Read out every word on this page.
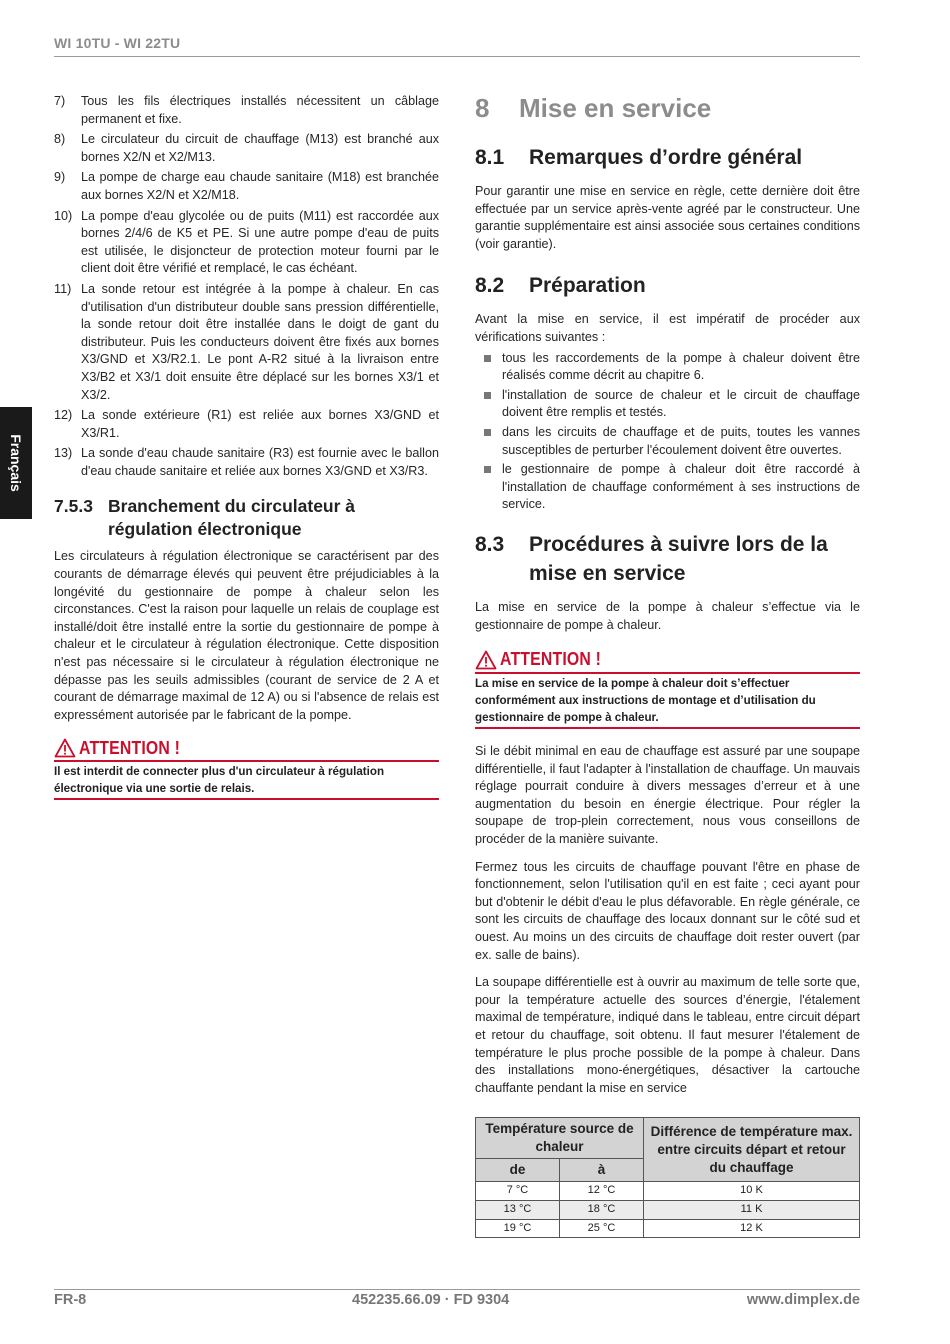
WI 10TU - WI 22TU
Français
7) Tous les fils électriques installés nécessitent un câblage permanent et fixe.
8) Le circulateur du circuit de chauffage (M13) est branché aux bornes X2/N et X2/M13.
9) La pompe de charge eau chaude sanitaire (M18) est branchée aux bornes X2/N et X2/M18.
10) La pompe d'eau glycolée ou de puits (M11) est raccordée aux bornes 2/4/6 de K5 et PE. Si une autre pompe d'eau de puits est utilisée, le disjoncteur de protection moteur fourni par le client doit être vérifié et remplacé, le cas échéant.
11) La sonde retour est intégrée à la pompe à chaleur. En cas d'utilisation d'un distributeur double sans pression différentielle, la sonde retour doit être installée dans le doigt de gant du distributeur. Puis les conducteurs doivent être fixés aux bornes X3/GND et X3/R2.1. Le pont A-R2 situé à la livraison entre X3/B2 et X3/1 doit ensuite être déplacé sur les bornes X3/1 et X3/2.
12) La sonde extérieure (R1) est reliée aux bornes X3/GND et X3/R1.
13) La sonde d'eau chaude sanitaire (R3) est fournie avec le ballon d'eau chaude sanitaire et reliée aux bornes X3/GND et X3/R3.
7.5.3 Branchement du circulateur à régulation électronique

Les circulateurs à régulation électronique se caractérisent par des courants de démarrage élevés qui peuvent être préjudiciables à la longévité du gestionnaire de pompe à chaleur selon les circonstances. C'est la raison pour laquelle un relais de couplage est installé/doit être installé entre la sortie du gestionnaire de pompe à chaleur et le circulateur à régulation électronique. Cette disposition n'est pas nécessaire si le circulateur à régulation électronique ne dépasse pas les seuils admissibles (courant de service de 2 A et courant de démarrage maximal de 12 A) ou si l'absence de relais est expressément autorisée par le fabricant de la pompe.

ATTENTION !
Il est interdit de connecter plus d'un circulateur à régulation électronique via une sortie de relais.
8 Mise en service
8.1 Remarques d’ordre général

Pour garantir une mise en service en règle, cette dernière doit être effectuée par un service après-vente agréé par le constructeur. Une garantie supplémentaire est ainsi associée sous certaines conditions (voir garantie).

8.2 Préparation

Avant la mise en service, il est impératif de procéder aux vérifications suivantes :

tous les raccordements de la pompe à chaleur doivent être réalisés comme décrit au chapitre 6.
l'installation de source de chaleur et le circuit de chauffage doivent être remplis et testés.
dans les circuits de chauffage et de puits, toutes les vannes susceptibles de perturber l'écoulement doivent être ouvertes.
le gestionnaire de pompe à chaleur doit être raccordé à l'installation de chauffage conformément à ses instructions de service.
8.3 Procédures à suivre lors de la mise en service

La mise en service de la pompe à chaleur s’effectue via le gestionnaire de pompe à chaleur.

ATTENTION !
La mise en service de la pompe à chaleur doit s’effectuer conformément aux instructions de montage et d’utilisation du gestionnaire de pompe à chaleur.

Si le débit minimal en eau de chauffage est assuré par une soupape différentielle, il faut l'adapter à l'installation de chauffage. Un mauvais réglage pourrait conduire à divers messages d’erreur et à une augmentation du besoin en énergie électrique. Pour régler la soupape de trop-plein correctement, nous vous conseillons de procéder de la manière suivante.

Fermez tous les circuits de chauffage pouvant l'être en phase de fonctionnement, selon l'utilisation qu'il en est faite ; ceci ayant pour but d'obtenir le débit d'eau le plus défavorable. En règle générale, ce sont les circuits de chauffage des locaux donnant sur le côté sud et ouest. Au moins un des circuits de chauffage doit rester ouvert (par ex. salle de bains).

La soupape différentielle est à ouvrir au maximum de telle sorte que, pour la température actuelle des sources d’énergie, l'étalement maximal de température, indiqué dans le tableau, entre circuit départ et retour du chauffage, soit obtenu. Il faut mesurer l'étalement de température le plus proche possible de la pompe à chaleur. Dans des installations mono-énergétiques, désactiver la cartouche chauffante pendant la mise en service

Température source de chaleur		Différence de température max. entre circuits départ et retour du chauffage
de	à	
7 °C	12 °C	10 K
13 °C	18 °C	11 K
19 °C	25 °C	12 K
FR-8	452235.66.09 · FD 9304	www.dimplex.de
